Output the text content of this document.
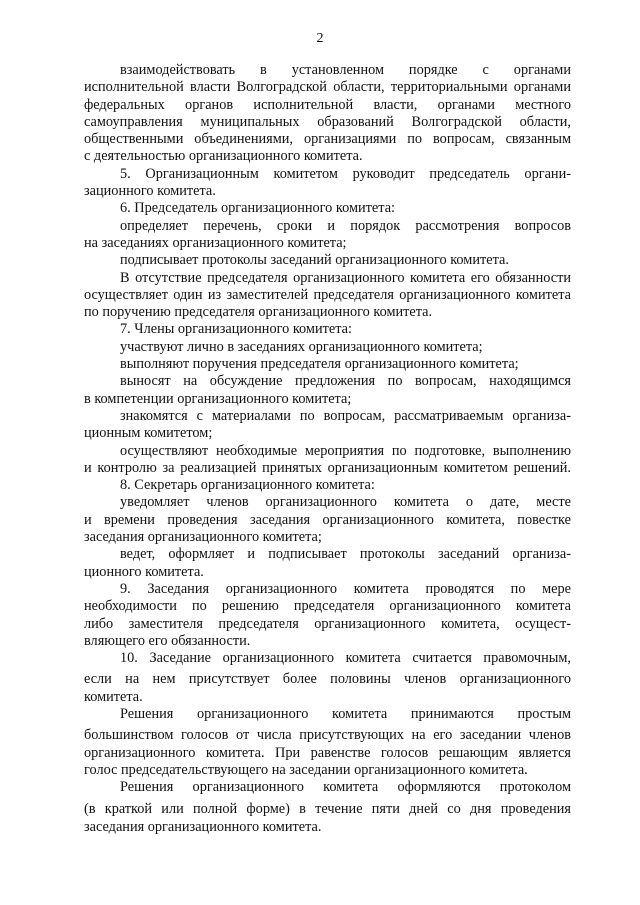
2
взаимодействовать в установленном порядке с органами
исполнительной власти Волгоградской области, территориальными органами
федеральных органов исполнительной власти, органами местного
самоуправления муниципальных образований Волгоградской области,
общественными объединениями, организациями по вопросам, связанным
с деятельностью организационного комитета.
5. Организационным комитетом руководит председатель органи-
зационного комитета.
6. Председатель организационного комитета:
определяет перечень, сроки и порядок рассмотрения вопросов
на заседаниях организационного комитета;
подписывает протоколы заседаний организационного комитета.
В отсутствие председателя организационного комитета его обязанности
осуществляет один из заместителей председателя организационного комитета
по поручению председателя организационного комитета.
7. Члены организационного комитета:
участвуют лично в заседаниях организационного комитета;
выполняют поручения председателя организационного комитета;
выносят на обсуждение предложения по вопросам, находящимся
в компетенции организационного комитета;
знакомятся с материалами по вопросам, рассматриваемым организа-
ционным комитетом;
осуществляют необходимые мероприятия по подготовке, выполнению
и контролю за реализацией принятых организационным комитетом решений.
8. Секретарь организационного комитета:
уведомляет членов организационного комитета о дате, месте
и времени проведения заседания организационного комитета, повестке
заседания организационного комитета;
ведет, оформляет и подписывает протоколы заседаний организа-
ционного комитета.
9. Заседания организационного комитета проводятся по мере
необходимости по решению председателя организационного комитета
либо заместителя председателя организационного комитета, осущест-
вляющего его обязанности.
10. Заседание организационного комитета считается правомочным,
если на нем присутствует более половины членов организационного
комитета.
Решения организационного комитета принимаются простым
большинством голосов от числа присутствующих на его заседании членов
организационного комитета. При равенстве голосов решающим является
голос председательствующего на заседании организационного комитета.
Решения организационного комитета оформляются протоколом
(в краткой или полной форме) в течение пяти дней со дня проведения
заседания организационного комитета.
